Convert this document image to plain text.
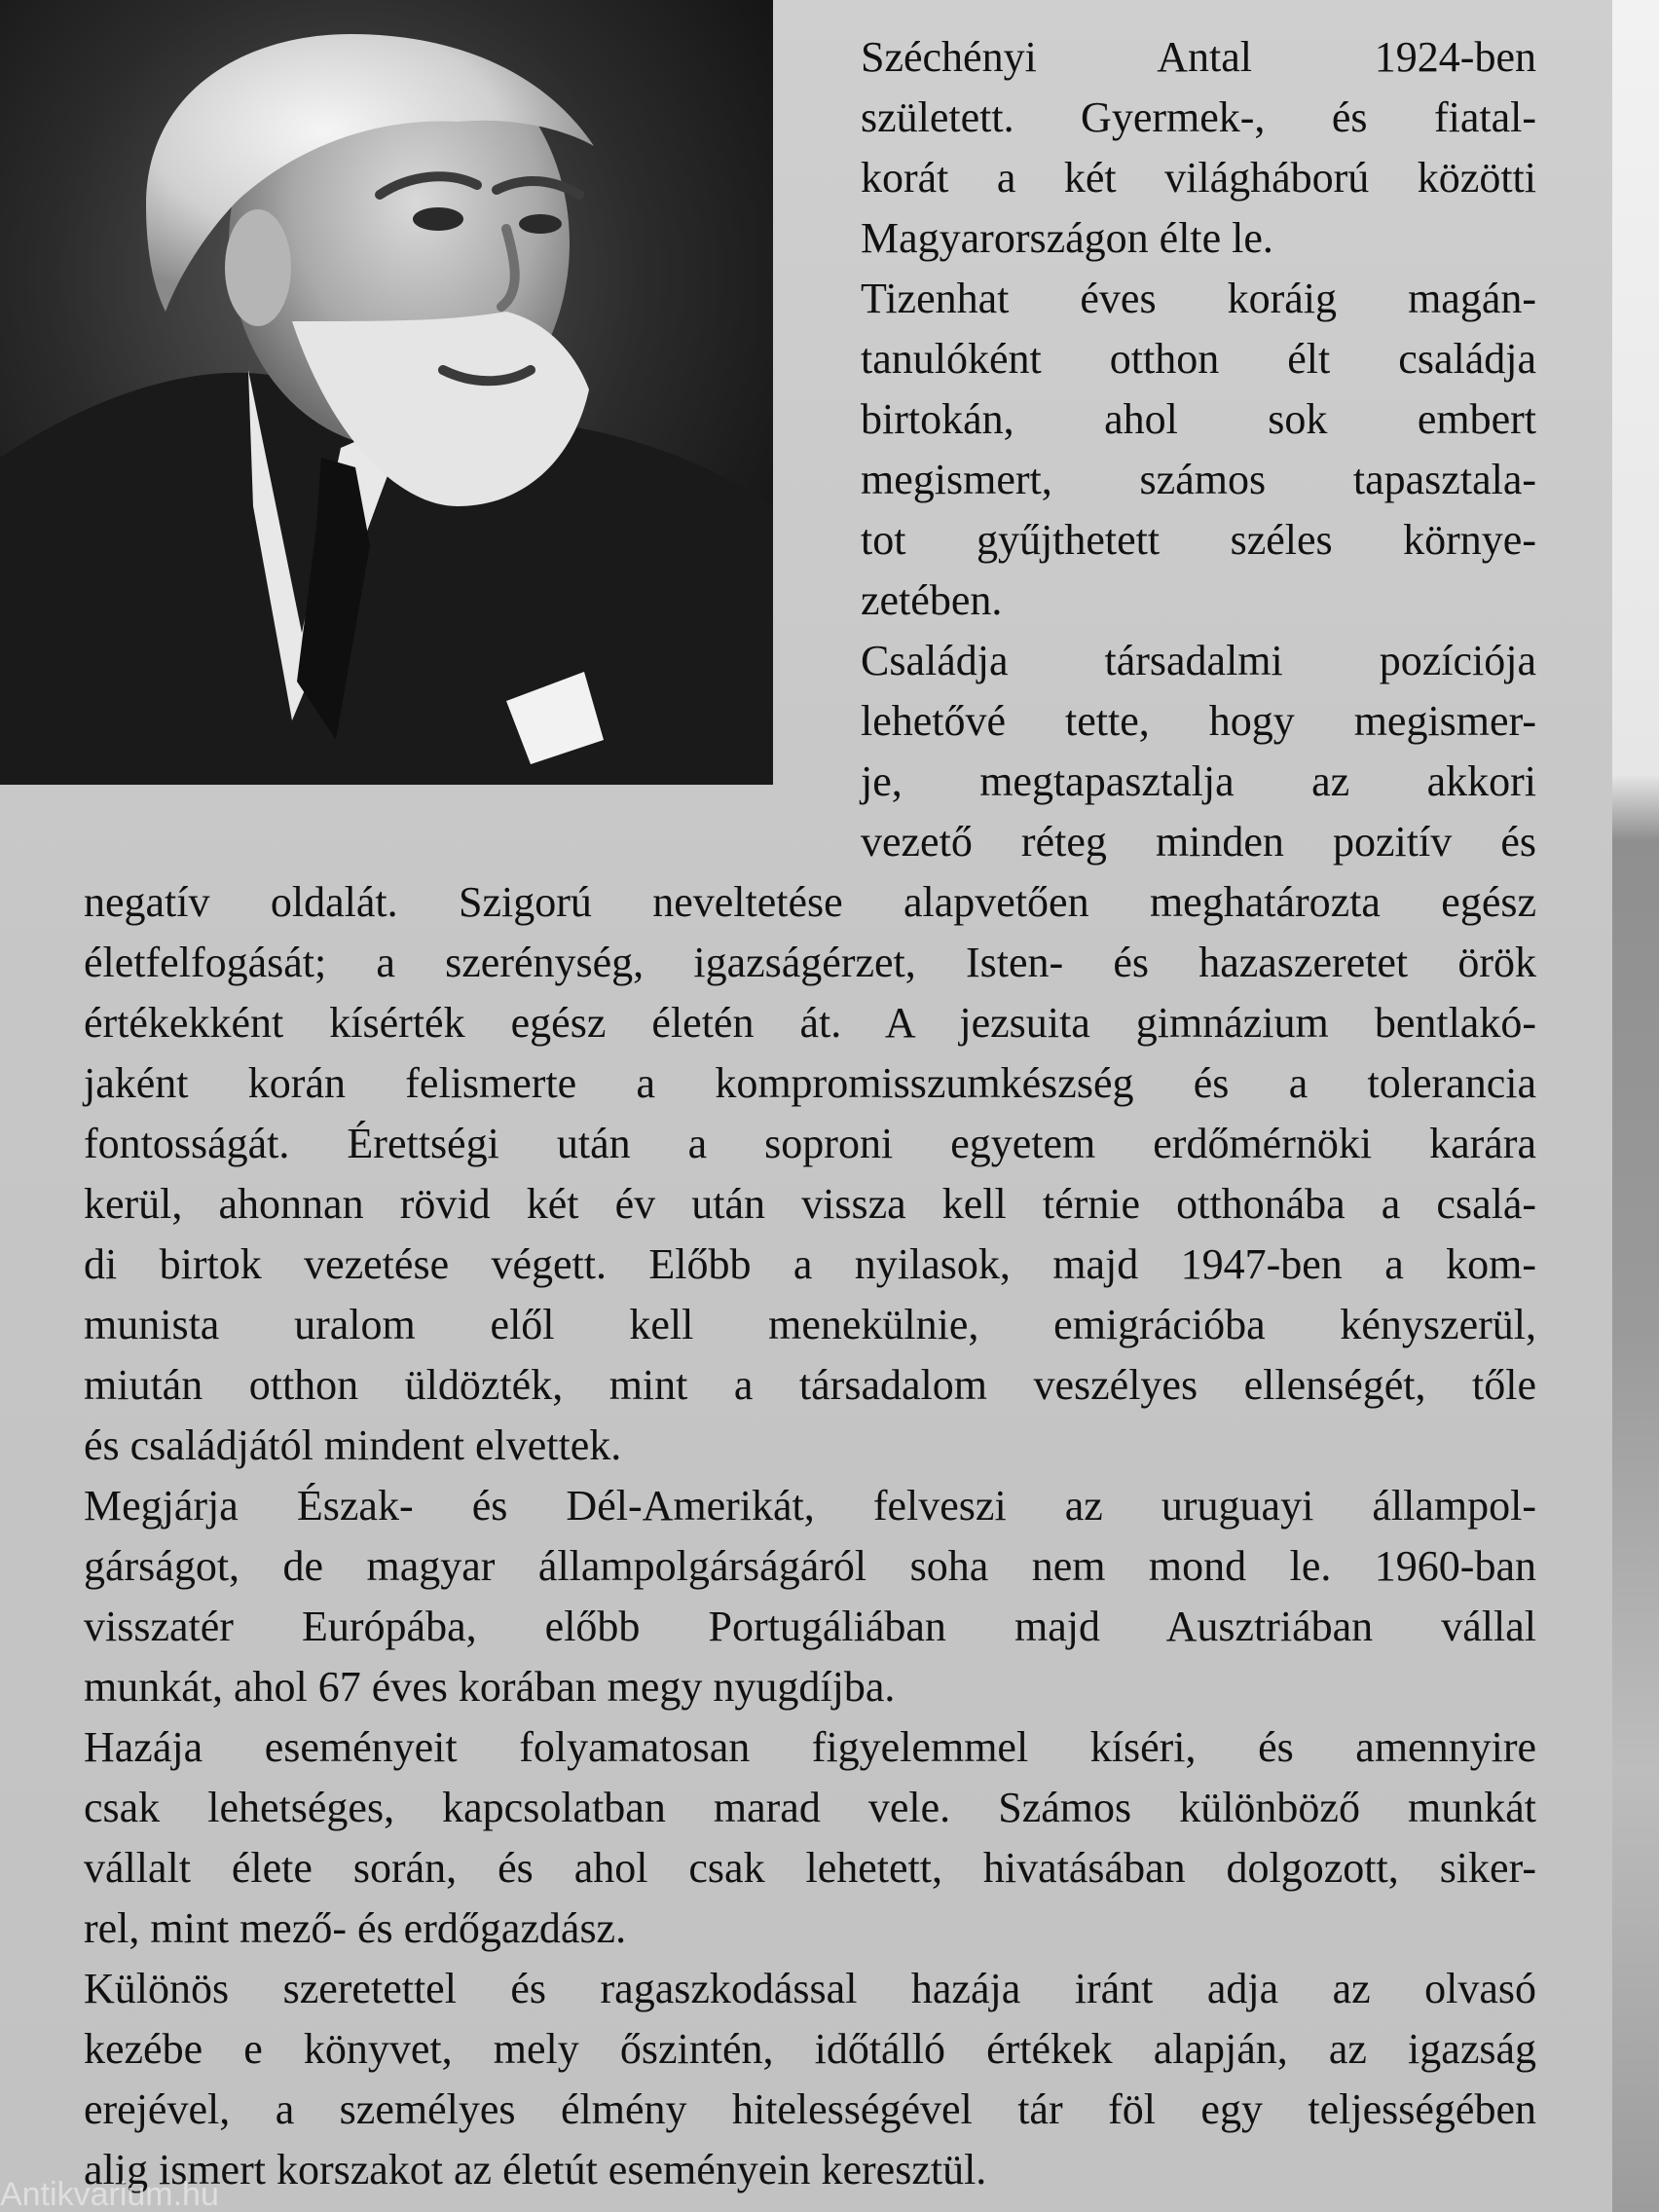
Széchényi Antal 1924-ben
született. Gyermek-, és fiatal-
korát a két világháború közötti
Magyarországon élte le.
Tizenhat éves koráig magán-
tanulóként otthon élt családja
birtokán, ahol sok embert
megismert, számos tapasztala-
tot gyűjthetett széles környe-
zetében.
Családja társadalmi pozíciója
lehetővé tette, hogy megismer-
je, megtapasztalja az akkori
vezető réteg minden pozitív és
negatív oldalát. Szigorú neveltetése alapvetően meghatározta egész
életfelfogását; a szerénység, igazságérzet, Isten- és hazaszeretet örök
értékekként kísérték egész életén át. A jezsuita gimnázium bentlakó-
jaként korán felismerte a kompromisszumkészség és a tolerancia
fontosságát. Érettségi után a soproni egyetem erdőmérnöki karára
kerül, ahonnan rövid két év után vissza kell térnie otthonába a csalá-
di birtok vezetése végett. Előbb a nyilasok, majd 1947-ben a kom-
munista uralom elől kell menekülnie, emigrációba kényszerül,
miután otthon üldözték, mint a társadalom veszélyes ellenségét, tőle
és családjától mindent elvettek.
Megjárja Észak- és Dél-Amerikát, felveszi az uruguayi állampol-
gárságot, de magyar állampolgárságáról soha nem mond le. 1960-ban
visszatér Európába, előbb Portugáliában majd Ausztriában vállal
munkát, ahol 67 éves korában megy nyugdíjba.
Hazája eseményeit folyamatosan figyelemmel kíséri, és amennyire
csak lehetséges, kapcsolatban marad vele. Számos különböző munkát
vállalt élete során, és ahol csak lehetett, hivatásában dolgozott, siker-
rel, mint mező- és erdőgazdász.
Különös szeretettel és ragaszkodással hazája iránt adja az olvasó
kezébe e könyvet, mely őszintén, időtálló értékek alapján, az igazság
erejével, a személyes élmény hitelességével tár föl egy teljességében
alig ismert korszakot az életút eseményein keresztül.
Antikvarium.hu
